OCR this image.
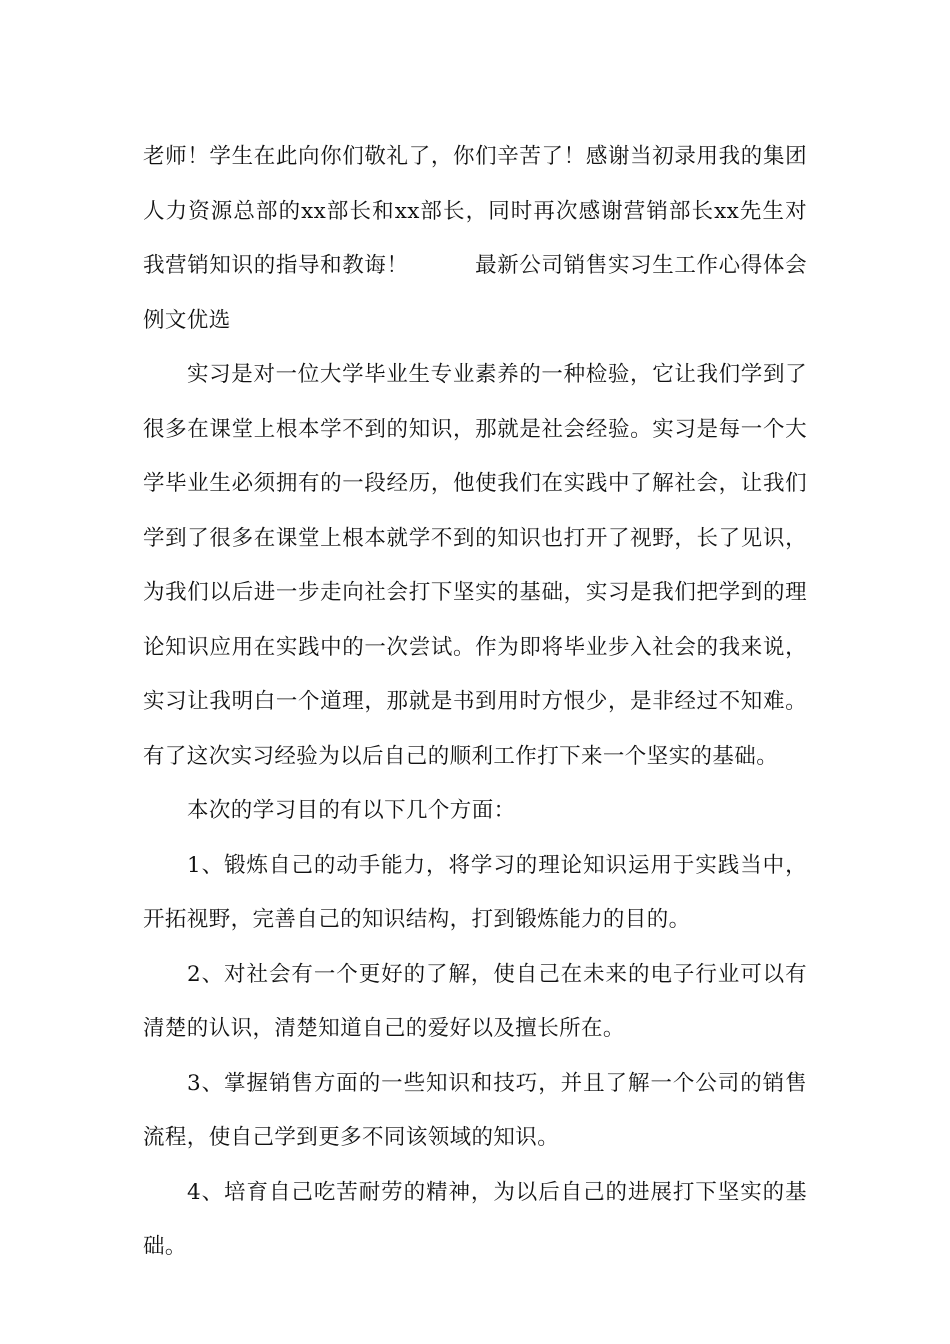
老师！学生在此向你们敬礼了，你们辛苦了！感谢当初录用我的集团人力资源总部的xx部长和xx部长，同时再次感谢营销部长xx先生对我营销知识的指导和教诲！　　　	最新公司销售实习生工作心得体会例文优选

实习是对一位大学毕业生专业素养的一种检验，它让我们学到了很多在课堂上根本学不到的知识，那就是社会经验。实习是每一个大学毕业生必须拥有的一段经历，他使我们在实践中了解社会，让我们学到了很多在课堂上根本就学不到的知识也打开了视野，长了见识，为我们以后进一步走向社会打下坚实的基础，实习是我们把学到的理论知识应用在实践中的一次尝试。作为即将毕业步入社会的我来说，实习让我明白一个道理，那就是书到用时方恨少，是非经过不知难。有了这次实习经验为以后自己的顺利工作打下来一个坚实的基础。

本次的学习目的有以下几个方面：

1、锻炼自己的动手能力，将学习的理论知识运用于实践当中，开拓视野，完善自己的知识结构，打到锻炼能力的目的。

2、对社会有一个更好的了解，使自己在未来的电子行业可以有清楚的认识，清楚知道自己的爱好以及擅长所在。

3、掌握销售方面的一些知识和技巧，并且了解一个公司的销售流程，使自己学到更多不同该领域的知识。

4、培育自己吃苦耐劳的精神，为以后自己的进展打下坚实的基础。
